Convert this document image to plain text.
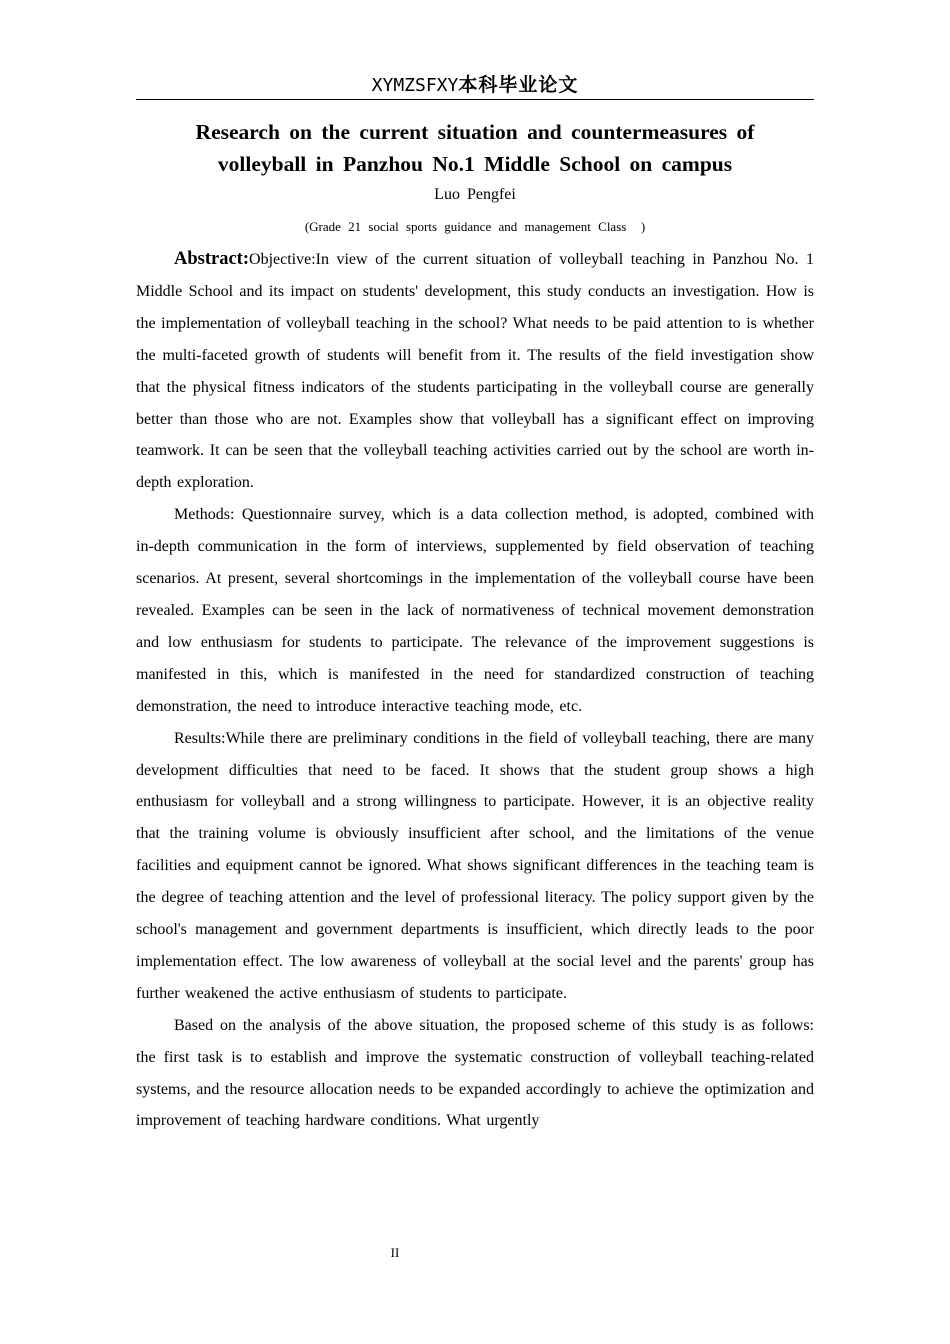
XYMZSFXY本科毕业论文
Research on the current situation and countermeasures of
volleyball in Panzhou No.1 Middle School on campus
Luo Pengfei
(Grade 21 social sports guidance and management Class  )

Abstract:Objective:In view of the current situation of volleyball teaching in Panzhou No. 1 Middle School and its impact on students' development, this study conducts an investigation. How is the implementation of volleyball teaching in the school? What needs to be paid attention to is whether the multi-faceted growth of students will benefit from it. The results of the field investigation show that the physical fitness indicators of the students participating in the volleyball course are generally better than those who are not. Examples show that volleyball has a significant effect on improving teamwork. It can be seen that the volleyball teaching activities carried out by the school are worth in-depth exploration.

Methods: Questionnaire survey, which is a data collection method, is adopted, combined with in-depth communication in the form of interviews, supplemented by field observation of teaching scenarios. At present, several shortcomings in the implementation of the volleyball course have been revealed. Examples can be seen in the lack of normativeness of technical movement demonstration and low enthusiasm for students to participate. The relevance of the improvement suggestions is manifested in this, which is manifested in the need for standardized construction of teaching demonstration, the need to introduce interactive teaching mode, etc.

Results:While there are preliminary conditions in the field of volleyball teaching, there are many development difficulties that need to be faced. It shows that the student group shows a high enthusiasm for volleyball and a strong willingness to participate. However, it is an objective reality that the training volume is obviously insufficient after school, and the limitations of the venue facilities and equipment cannot be ignored. What shows significant differences in the teaching team is the degree of teaching attention and the level of professional literacy. The policy support given by the school's management and government departments is insufficient, which directly leads to the poor implementation effect. The low awareness of volleyball at the social level and the parents' group has further weakened the active enthusiasm of students to participate.

Based on the analysis of the above situation, the proposed scheme of this study is as follows: the first task is to establish and improve the systematic construction of volleyball teaching-related systems, and the resource allocation needs to be expanded accordingly to achieve the optimization and improvement of teaching hardware conditions. What urgently

II
